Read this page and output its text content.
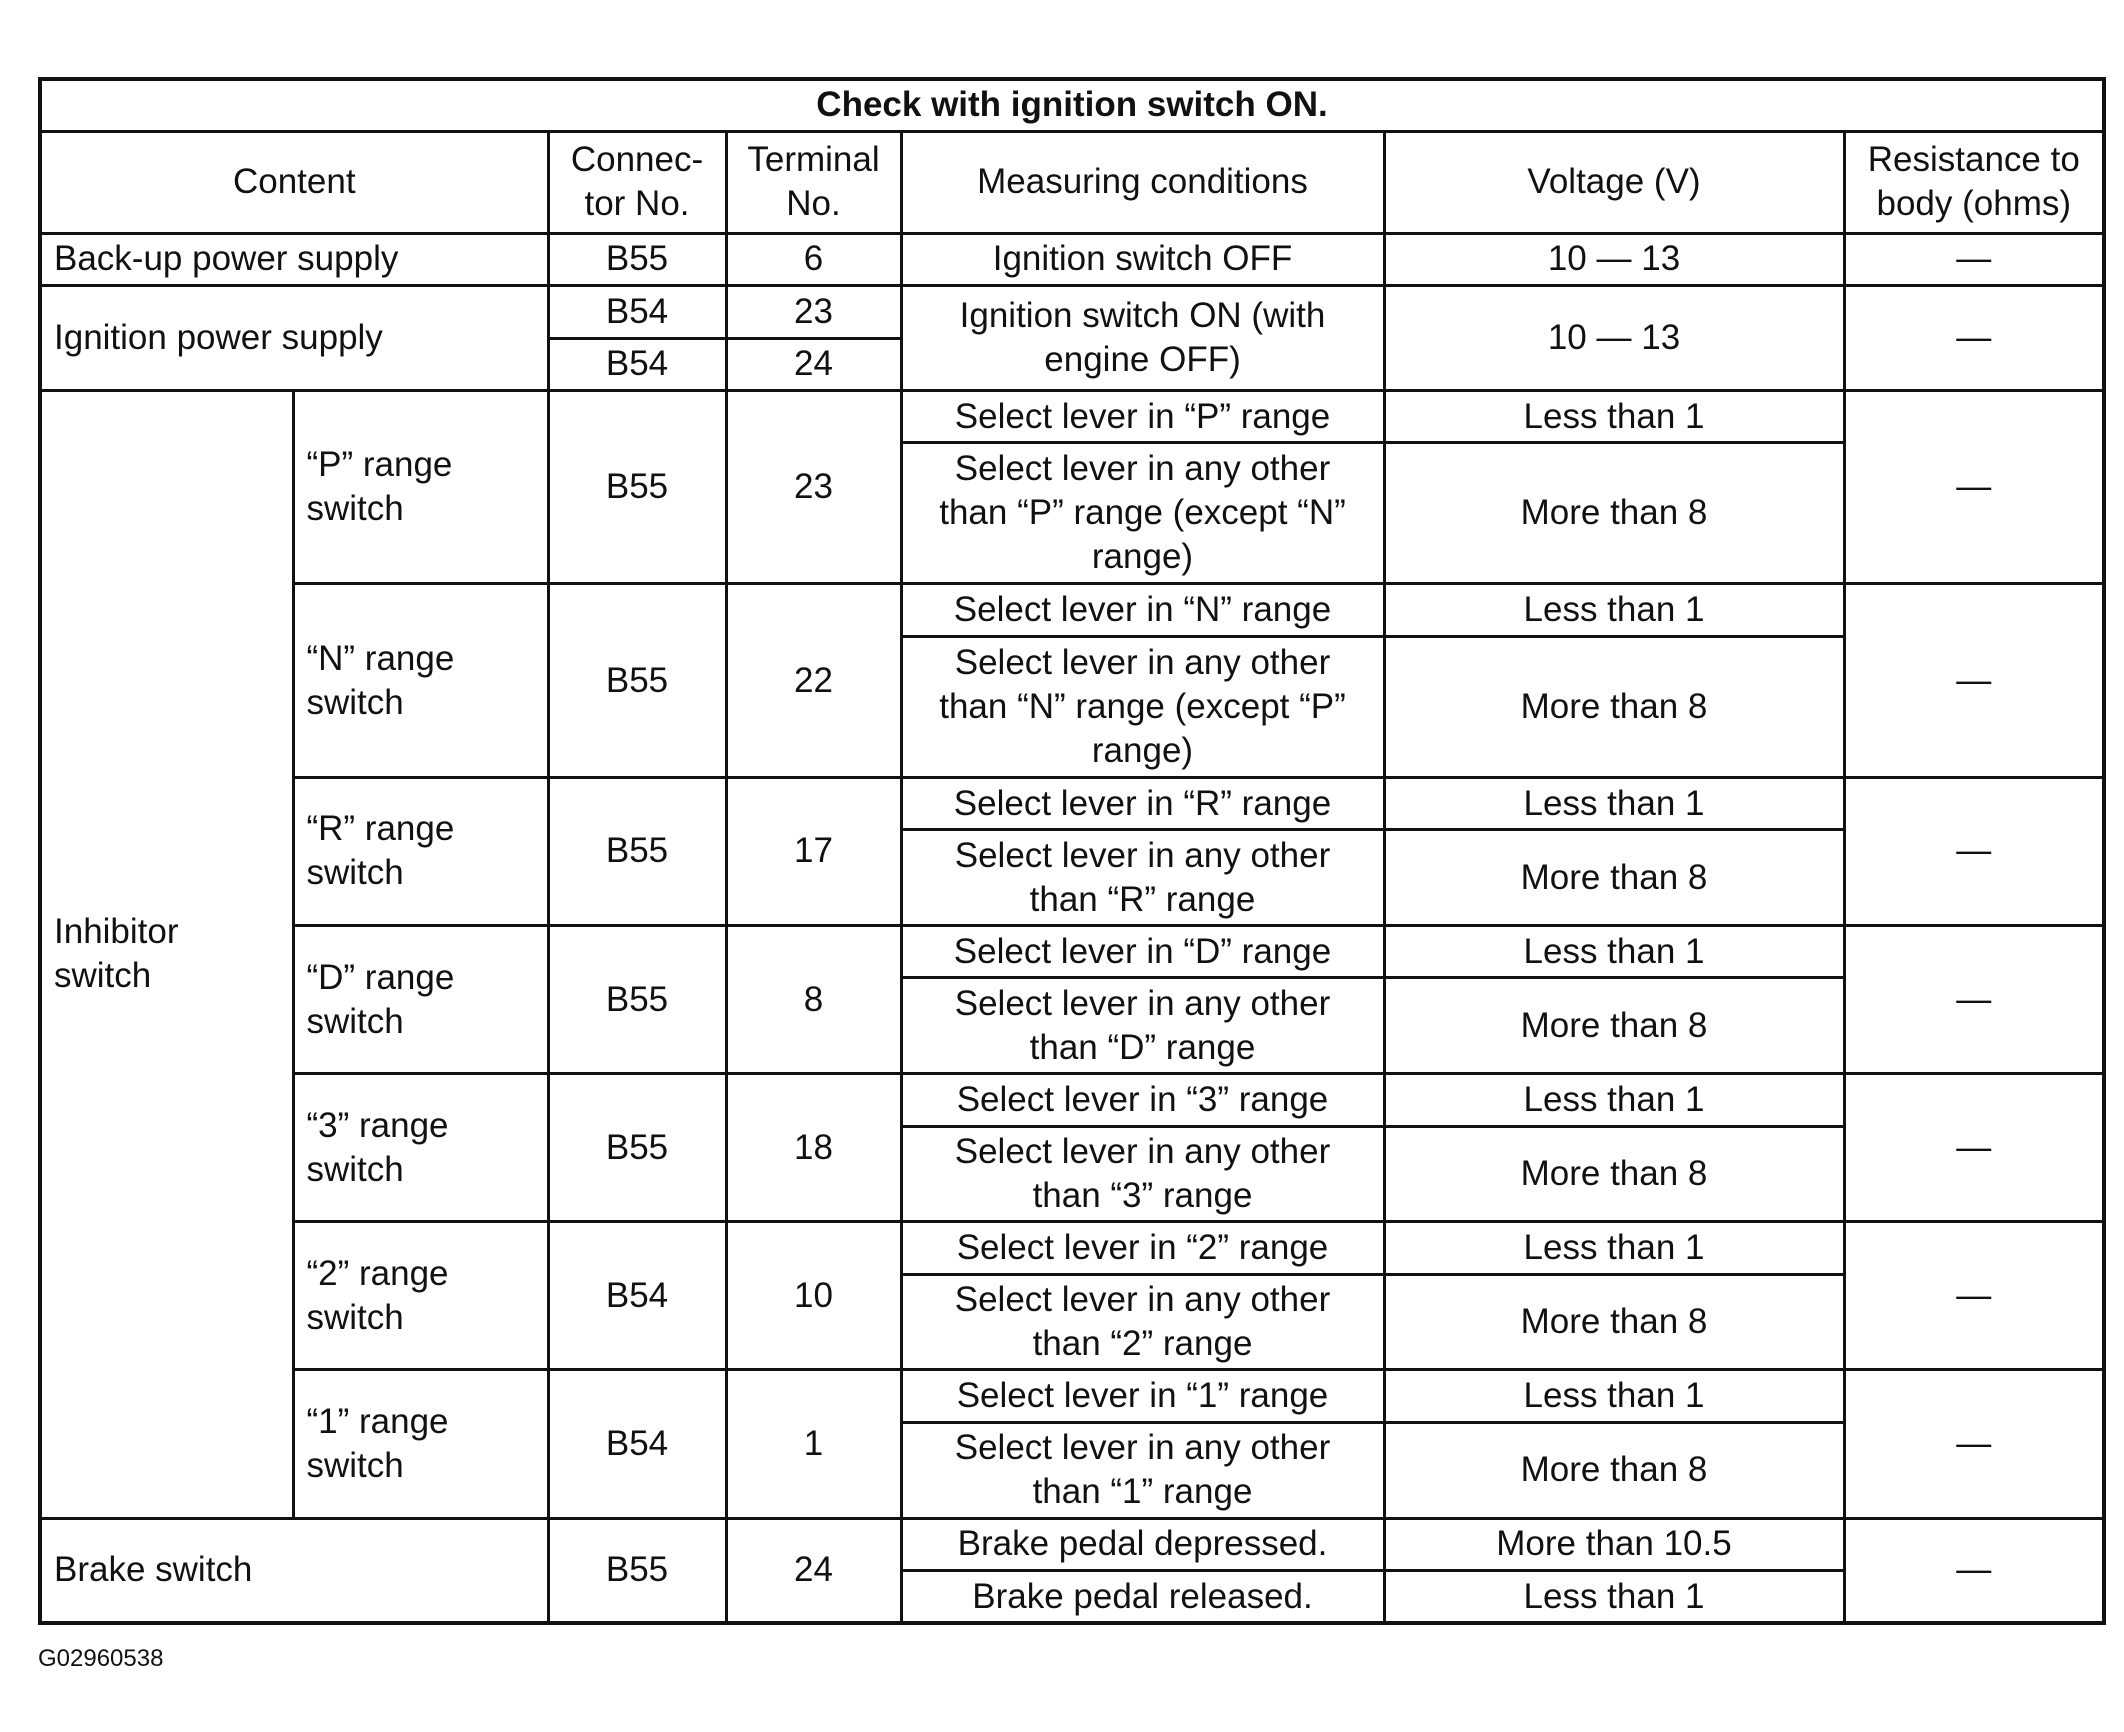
Check with ignition switch ON.						
Content		Connec-
tor No.	Terminal
No.	Measuring conditions	Voltage (V)	Resistance to
body (ohms)
Back-up power supply		B55	6	Ignition switch OFF	10 — 13	—
Ignition power supply		B54	23	Ignition switch ON (with
engine OFF)	10 — 13	—
		B54	24			
Inhibitor
switch	“P” range
switch	B55	23	Select lever in “P” range	Less than 1	—
				Select lever in any other
than “P” range (except “N”
range)	More than 8	
	“N” range
switch	B55	22	Select lever in “N” range	Less than 1	—
				Select lever in any other
than “N” range (except “P”
range)	More than 8	
	“R” range
switch	B55	17	Select lever in “R” range	Less than 1	—
				Select lever in any other
than “R” range	More than 8	
	“D” range
switch	B55	8	Select lever in “D” range	Less than 1	—
				Select lever in any other
than “D” range	More than 8	
	“3” range
switch	B55	18	Select lever in “3” range	Less than 1	—
				Select lever in any other
than “3” range	More than 8	
	“2” range
switch	B54	10	Select lever in “2” range	Less than 1	—
				Select lever in any other
than “2” range	More than 8	
	“1” range
switch	B54	1	Select lever in “1” range	Less than 1	—
				Select lever in any other
than “1” range	More than 8	
Brake switch		B55	24	Brake pedal depressed.	More than 10.5	—
				Brake pedal released.	Less than 1	
G02960538
